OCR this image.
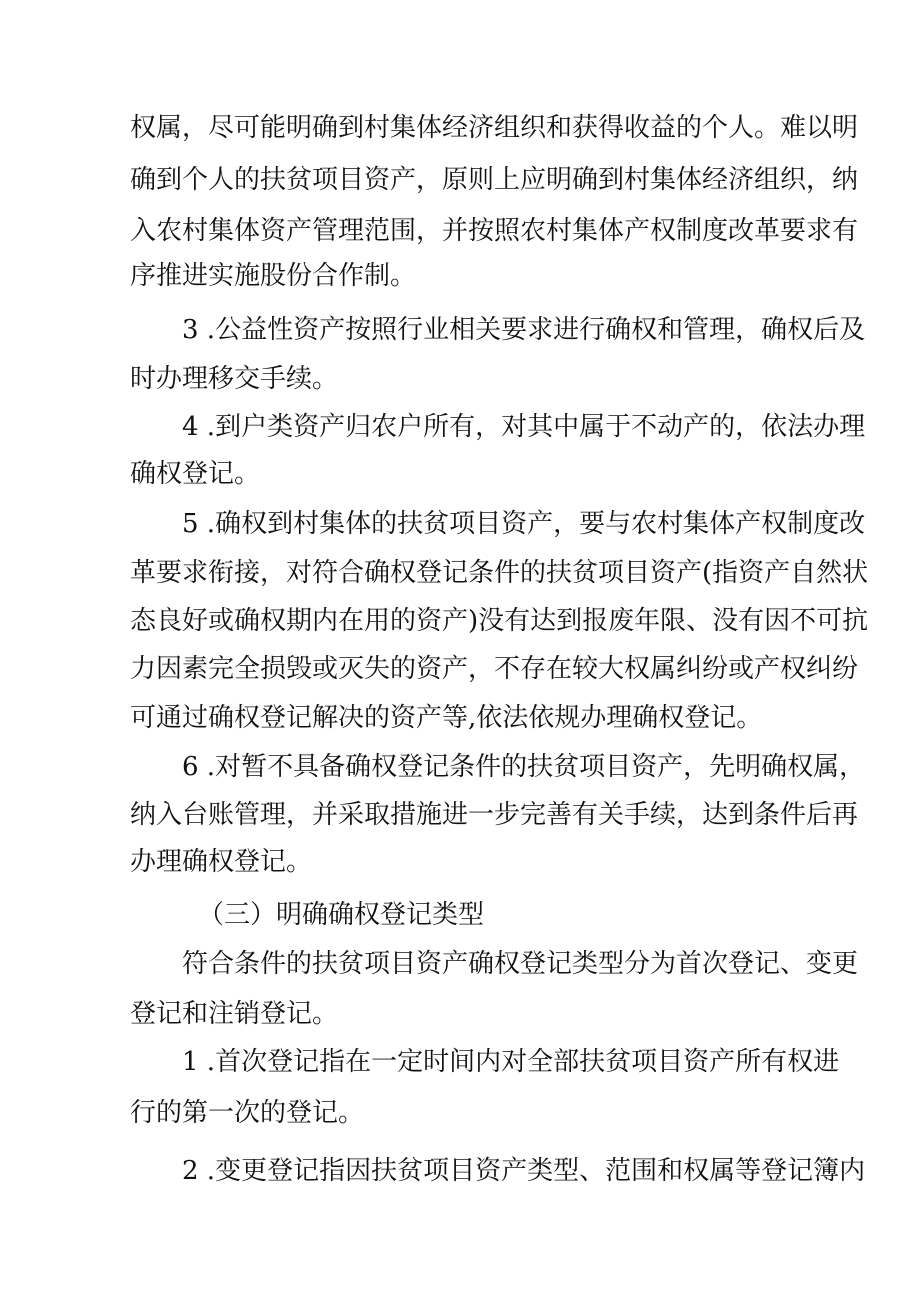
权属，尽可能明确到村集体经济组织和获得收益的个人。难以明
确到个人的扶贫项目资产，原则上应明确到村集体经济组织，纳
入农村集体资产管理范围，并按照农村集体产权制度改革要求有
序推进实施股份合作制。
3 .公益性资产按照行业相关要求进行确权和管理，确权后及
时办理移交手续。
4 .到户类资产归农户所有，对其中属于不动产的，依法办理
确权登记。
5 .确权到村集体的扶贫项目资产，要与农村集体产权制度改
革要求衔接，对符合确权登记条件的扶贫项目资产(指资产自然状
态良好或确权期内在用的资产)没有达到报废年限、没有因不可抗
力因素完全损毁或灭失的资产，不存在较大权属纠纷或产权纠纷
可通过确权登记解决的资产等,依法依规办理确权登记。
6 .对暂不具备确权登记条件的扶贫项目资产，先明确权属，
纳入台账管理，并采取措施进一步完善有关手续，达到条件后再
办理确权登记。
（三）明确确权登记类型
符合条件的扶贫项目资产确权登记类型分为首次登记、变更
登记和注销登记。
1 .首次登记指在一定时间内对全部扶贫项目资产所有权进
行的第一次的登记。
2 .变更登记指因扶贫项目资产类型、范围和权属等登记簿内
